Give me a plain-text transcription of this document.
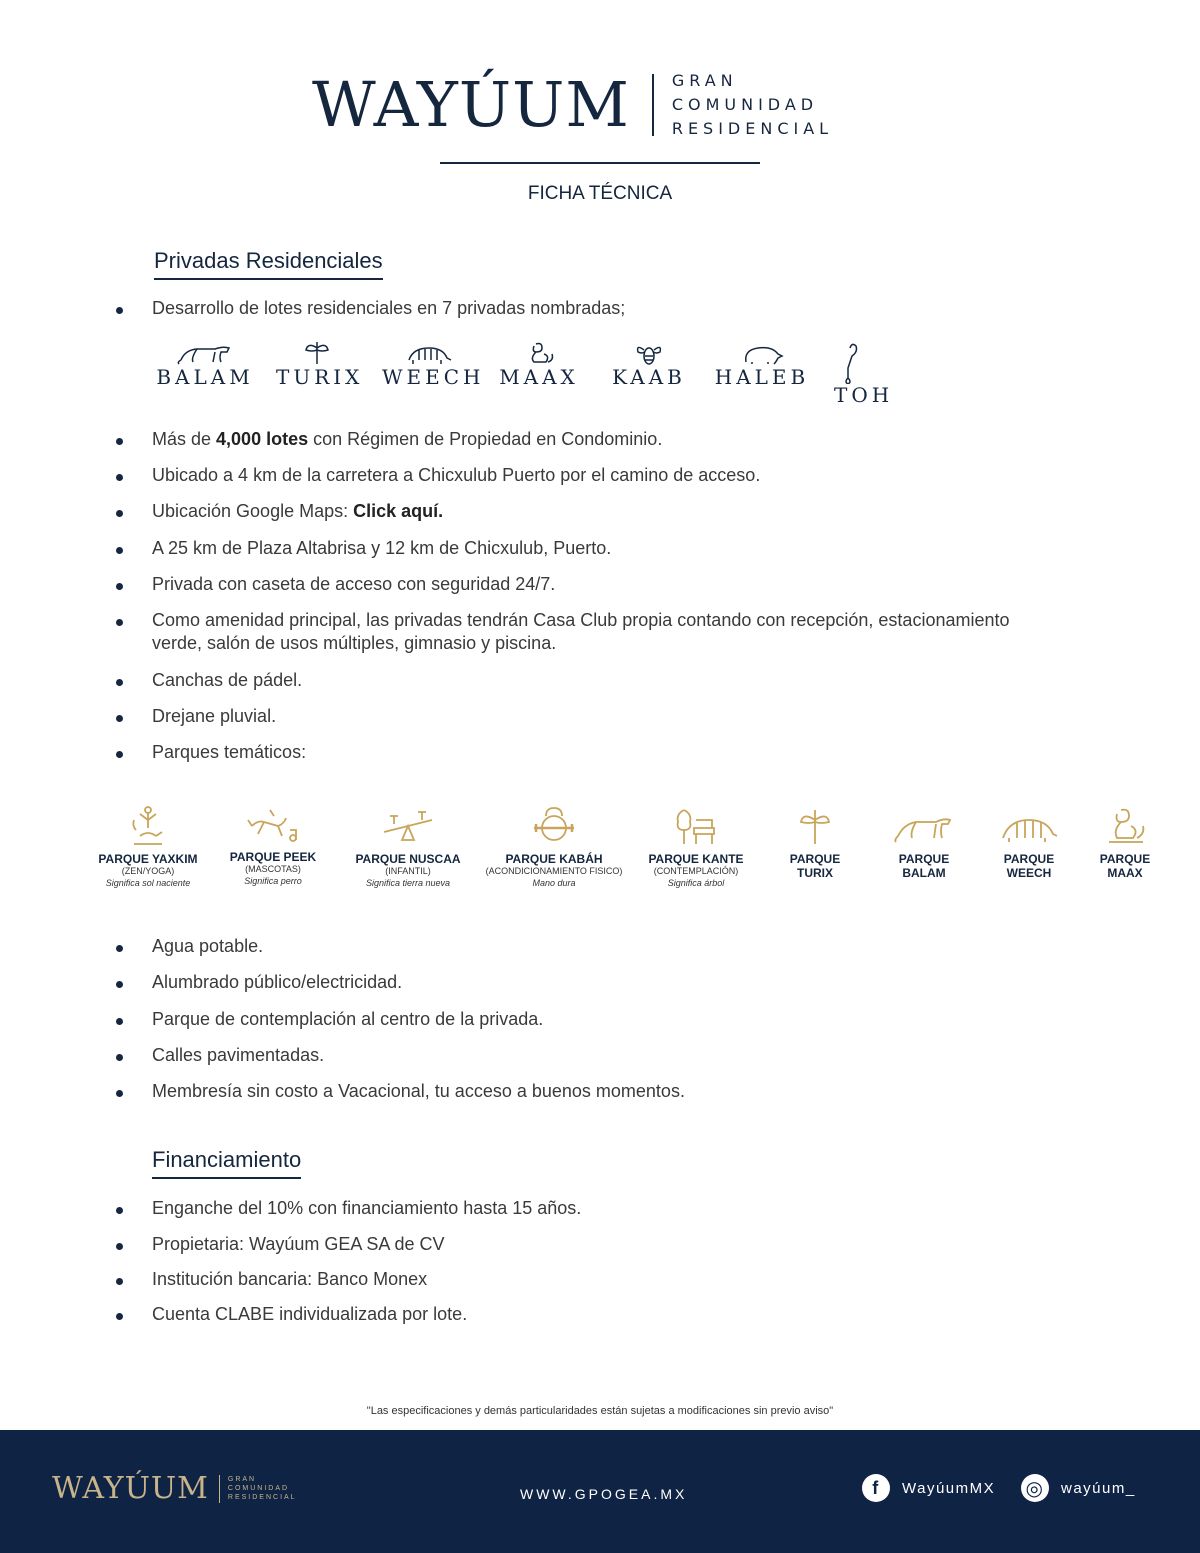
WAYÚUM	GRAN
COMUNIDAD
RESIDENCIAL
FICHA TÉCNICA
Privadas Residenciales
Desarrollo de lotes residenciales en 7 privadas nombradas;
BALAM TURIX WEECH MAAX KAAB HALEB
TOH
Más de 4,000 lotes con Régimen de Propiedad en Condominio.
Ubicado a 4 km de la carretera a Chicxulub Puerto por el camino de acceso.
Ubicación Google Maps: Click aquí.
A 25 km de Plaza Altabrisa y 12 km de Chicxulub, Puerto.
Privada con caseta de acceso con seguridad 24/7.
Como amenidad principal, las privadas tendrán Casa Club propia contando con recepción, estacionamiento verde, salón de usos múltiples, gimnasio y piscina.
Canchas de pádel.
Drejane pluvial.
Parques temáticos:
PARQUE YAXKIM
(ZEN/YOGA)
Significa sol naciente
PARQUE PEEK
(MASCOTAS)
Significa perro
PARQUE NUSCAA
(INFANTIL)
Significa tierra nueva
PARQUE KABÁH
(ACONDICIONAMIENTO FISICO)
Mano dura
PARQUE KANTE
(CONTEMPLACIÓN)
Significa árbol
PARQUE
TURIX
PARQUE
BALAM
PARQUE
WEECH
PARQUE
MAAX
Agua potable.
Alumbrado público/electricidad.
Parque de contemplación al centro de la privada.
Calles pavimentadas.
Membresía sin costo a Vacacional, tu acceso a buenos momentos.
Financiamiento
Enganche del 10% con financiamiento hasta 15 años.
Propietaria: Wayúum GEA SA de CV
Institución bancaria: Banco Monex
Cuenta CLABE individualizada por lote.
"Las especificaciones y demás particularidades están sujetas a modificaciones sin previo aviso"
WAYÚUM	GRAN
COMUNIDAD
RESIDENCIAL	WWW.GPOGEA.MX	f	WayúumMX ◎	wayúum_
